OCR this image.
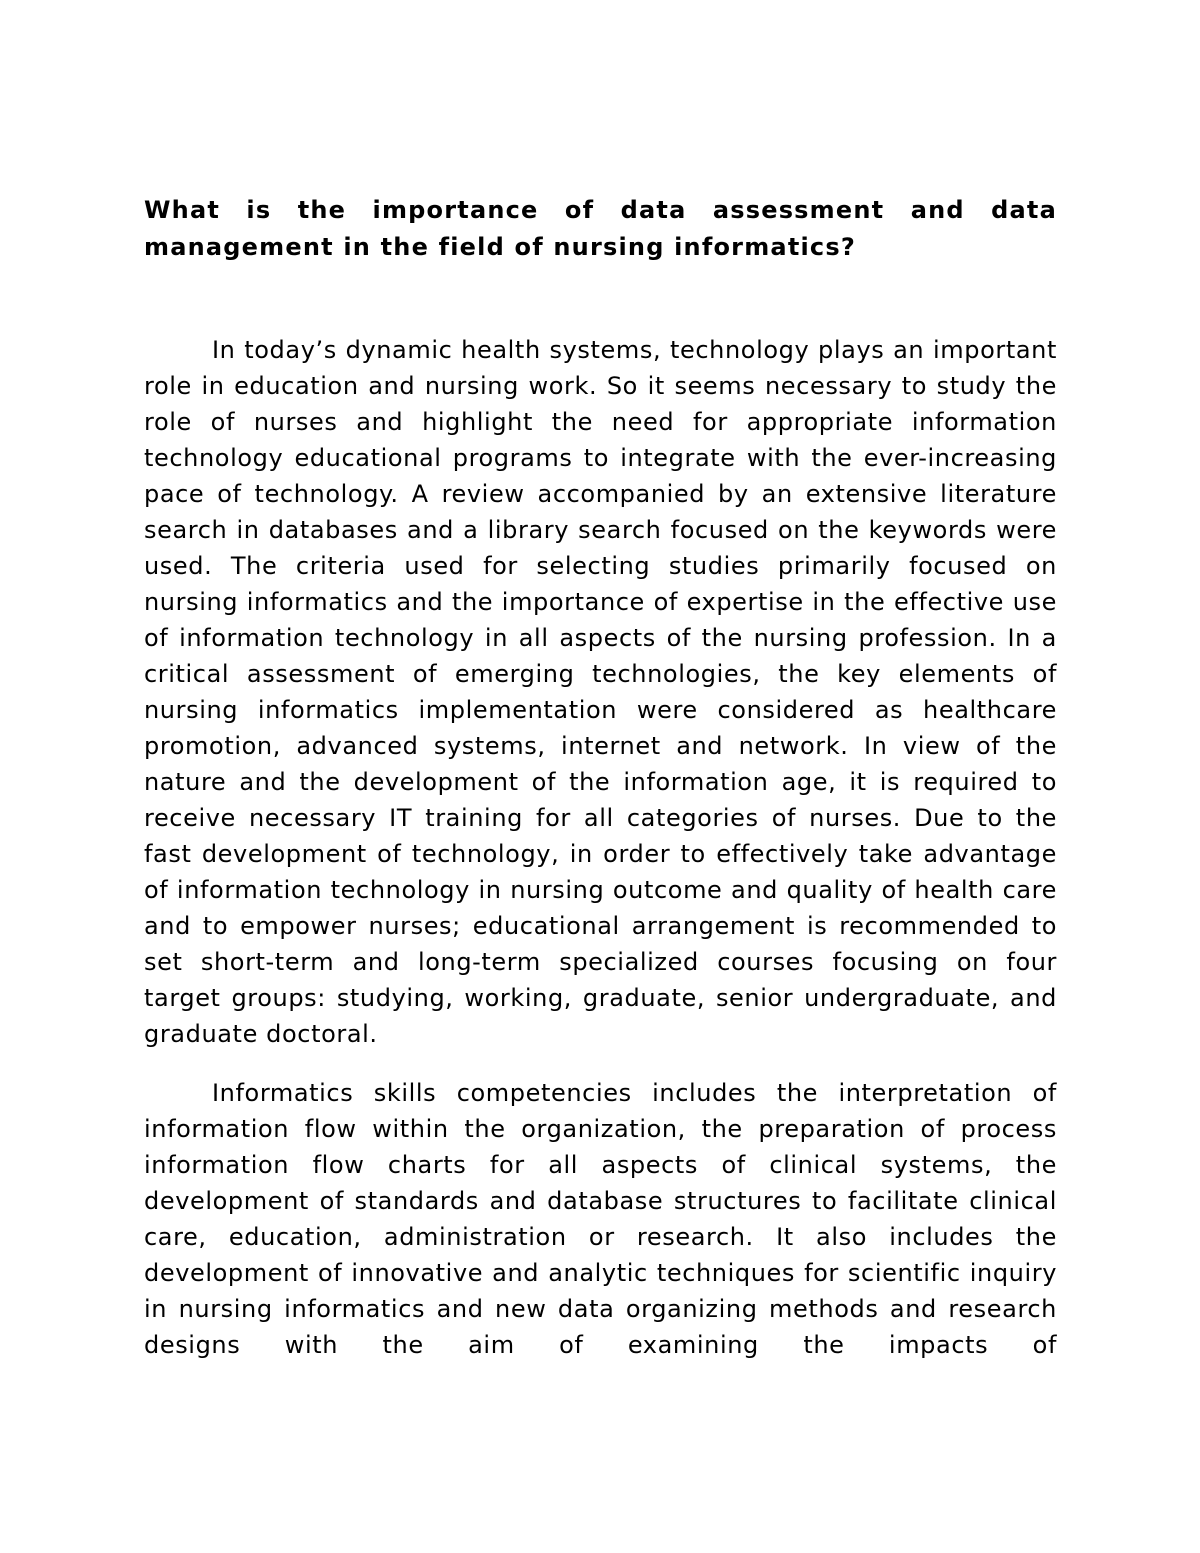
What is the importance of data assessment and data management in the field of nursing informatics?

In today’s dynamic health systems, technology plays an important role in education and nursing work. So it seems necessary to study the role of nurses and highlight the need for appropriate information technology educational programs to integrate with the ever-increasing pace of technology. A review accompanied by an extensive literature search in databases and a library search focused on the keywords were used. The criteria used for selecting studies primarily focused on nursing informatics and the importance of expertise in the effective use of information technology in all aspects of the nursing profession. In a critical assessment of emerging technologies, the key elements of nursing informatics implementation were considered as healthcare promotion, advanced systems, internet and network. In view of the nature and the development of the information age, it is required to receive necessary IT training for all categories of nurses. Due to the fast development of technology, in order to effectively take advantage of information technology in nursing outcome and quality of health care and to empower nurses; educational arrangement is recommended to set short-term and long-term specialized courses focusing on four target groups: studying, working, graduate, senior undergraduate, and graduate doctoral.

Informatics skills competencies includes the interpretation of information flow within the organization, the preparation of process information flow charts for all aspects of clinical systems, the development of standards and database structures to facilitate clinical care, education, administration or research. It also includes the development of innovative and analytic techniques for scientific inquiry in nursing informatics and new data organizing methods and research designs with the aim of examining the impacts of
